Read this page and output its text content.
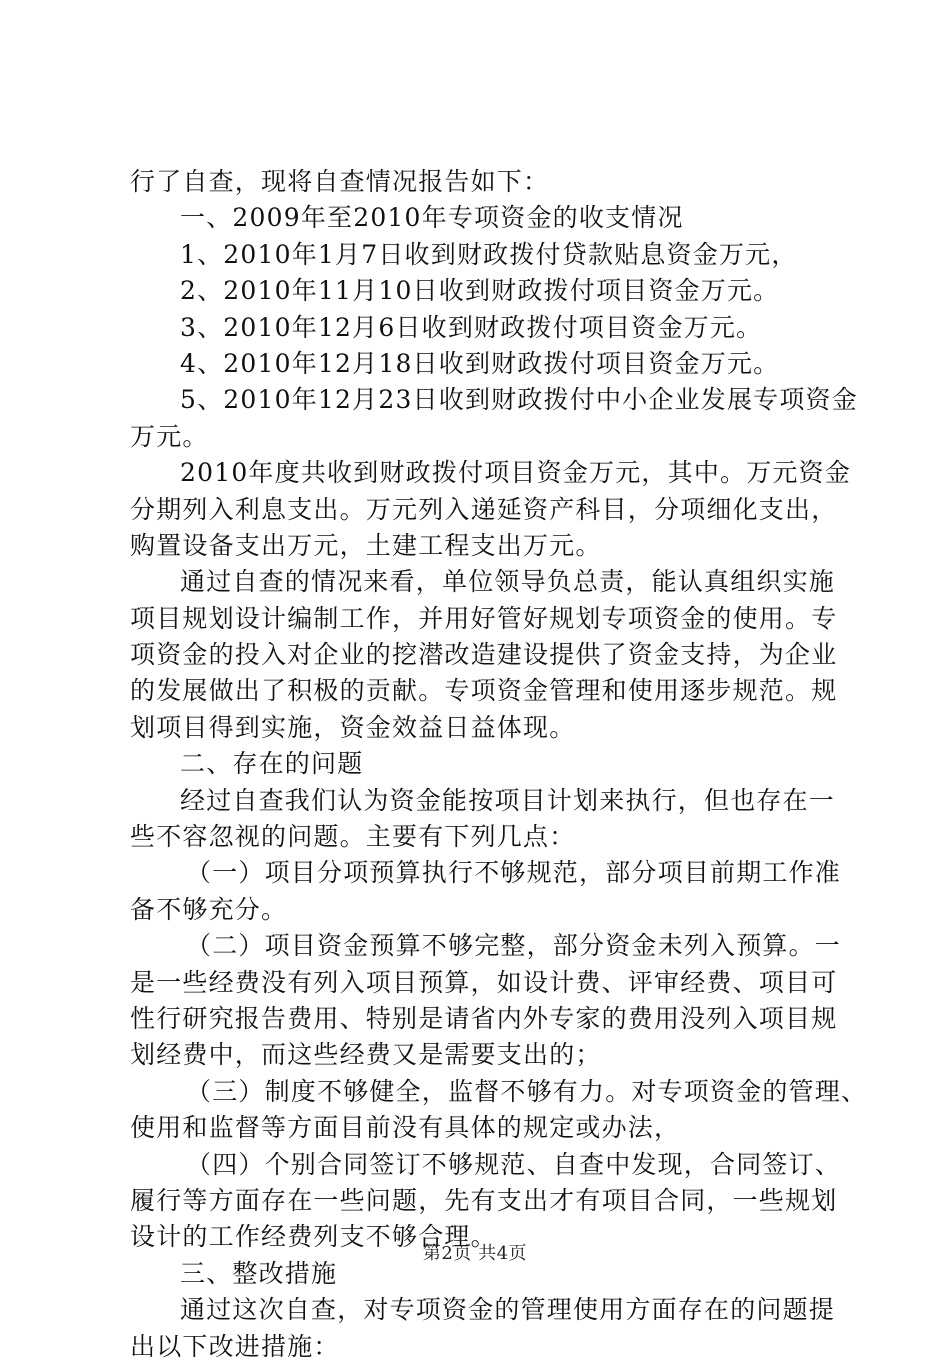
行了自查，现将自查情况报告如下：
一、2009年至2010年专项资金的收支情况
1、2010年1月7日收到财政拨付贷款贴息资金万元，
2、2010年11月10日收到财政拨付项目资金万元。
3、2010年12月6日收到财政拨付项目资金万元。
4、2010年12月18日收到财政拨付项目资金万元。
5、2010年12月23日收到财政拨付中小企业发展专项资金
万元。
2010年度共收到财政拨付项目资金万元，其中。万元资金
分期列入利息支出。万元列入递延资产科目，分项细化支出，
购置设备支出万元，土建工程支出万元。
通过自查的情况来看，单位领导负总责，能认真组织实施
项目规划设计编制工作，并用好管好规划专项资金的使用。专
项资金的投入对企业的挖潜改造建设提供了资金支持，为企业
的发展做出了积极的贡献。专项资金管理和使用逐步规范。规
划项目得到实施，资金效益日益体现。
二、存在的问题
经过自查我们认为资金能按项目计划来执行，但也存在一
些不容忽视的问题。主要有下列几点：
（一）项目分项预算执行不够规范，部分项目前期工作准
备不够充分。
（二）项目资金预算不够完整，部分资金未列入预算。一
是一些经费没有列入项目预算，如设计费、评审经费、项目可
性行研究报告费用、特别是请省内外专家的费用没列入项目规
划经费中，而这些经费又是需要支出的；
（三）制度不够健全，监督不够有力。对专项资金的管理、
使用和监督等方面目前没有具体的规定或办法，
（四）个别合同签订不够规范、自查中发现，合同签订、
履行等方面存在一些问题，先有支出才有项目合同，一些规划
设计的工作经费列支不够合理。
三、整改措施
通过这次自查，对专项资金的管理使用方面存在的问题提
出以下改进措施：
第2页 共4页
